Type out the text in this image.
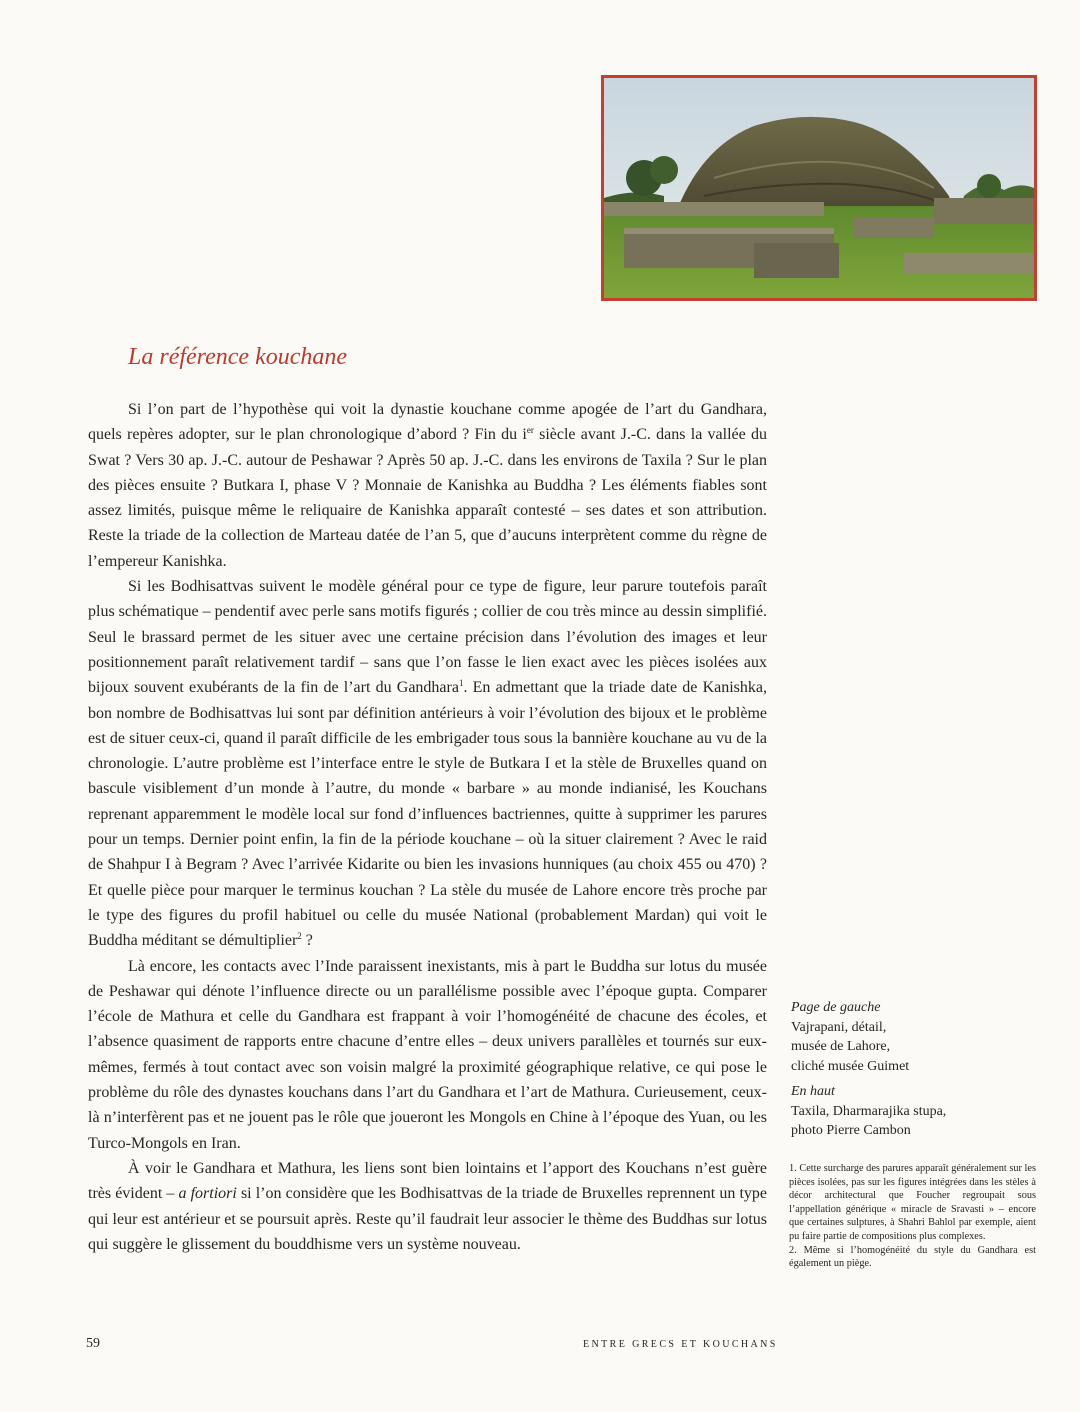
La référence kouchane

Si l’on part de l’hypothèse qui voit la dynastie kouchane comme apogée de l’art du Gandhara, quels repères adopter, sur le plan chronologique d’abord ? Fin du $i^{er}$ siècle avant J.-C. dans la vallée du Swat ? Vers 30 ap. J.-C. autour de Peshawar ? Après 50 ap. J.-C. dans les environs de Taxila ? Sur le plan des pièces ensuite ? Butkara I, phase V ? Monnaie de Kanishka au Buddha ? Les éléments fiables sont assez limités, puisque même le reliquaire de Kanishka apparaît contesté – ses dates et son attribution. Reste la triade de la collection de Marteau datée de l’an 5, que d’aucuns interprètent comme du règne de l’empereur Kanishka.

Si les Bodhisattvas suivent le modèle général pour ce type de figure, leur parure toutefois paraît plus schématique – pendentif avec perle sans motifs figurés ; collier de cou très mince au dessin simplifié. Seul le brassard permet de les situer avec une certaine précision dans l’évolution des images et leur positionnement paraît relativement tardif – sans que l’on fasse le lien exact avec les pièces isolées aux bijoux souvent exubérants de la fin de l’art du Gandhara$^1$. En admettant que la triade date de Kanishka, bon nombre de Bodhisattvas lui sont par définition antérieurs à voir l’évolution des bijoux et le problème est de situer ceux-ci, quand il paraît difficile de les embrigader tous sous la bannière kouchane au vu de la chronologie. L’autre problème est l’interface entre le style de Butkara I et la stèle de Bruxelles quand on bascule visiblement d’un monde à l’autre, du monde « barbare » au monde indianisé, les Kouchans reprenant apparemment le modèle local sur fond d’influences bactriennes, quitte à supprimer les parures pour un temps. Dernier point enfin, la fin de la période kouchane – où la situer clairement ? Avec le raid de Shahpur I à Begram ? Avec l’arrivée Kidarite ou bien les invasions hunniques (au choix 455 ou 470) ? Et quelle pièce pour marquer le terminus kouchan ? La stèle du musée de Lahore encore très proche par le type des figures du profil habituel ou celle du musée National (probablement Mardan) qui voit le Buddha méditant se démultiplier$^2$ ?

Là encore, les contacts avec l’Inde paraissent inexistants, mis à part le Buddha sur lotus du musée de Peshawar qui dénote l’influence directe ou un parallélisme possible avec l’époque gupta. Comparer l’école de Mathura et celle du Gandhara est frappant à voir l’homogénéité de chacune des écoles, et l’absence quasiment de rapports entre chacune d’entre elles – deux univers parallèles et tournés sur eux-mêmes, fermés à tout contact avec son voisin malgré la proximité géographique relative, ce qui pose le problème du rôle des dynastes kouchans dans l’art du Gandhara et l’art de Mathura. Curieusement, ceux-là n’interfèrent pas et ne jouent pas le rôle que joueront les Mongols en Chine à l’époque des Yuan, ou les Turco-Mongols en Iran.

À voir le Gandhara et Mathura, les liens sont bien lointains et l’apport des Kouchans n’est guère très évident – a fortiori si l’on considère que les Bodhisattvas de la triade de Bruxelles reprennent un type qui leur est antérieur et se poursuit après. Reste qu’il faudrait leur associer le thème des Buddhas sur lotus qui suggère le glissement du bouddhisme vers un système nouveau.

Page de gauche
Vajrapani, détail,
musée de Lahore,
cliché musée Guimet
En haut
Taxila, Dharmarajika stupa,
photo Pierre Cambon

1. Cette surcharge des parures apparaît généralement sur les pièces isolées, pas sur les figures intégrées dans les stèles à décor architectural que Foucher regroupait sous l’appellation générique « miracle de Sravasti » – encore que certaines sulptures, à Shahri Bahlol par exemple, aient pu faire partie de compositions plus complexes.

2. Même si l’homogénéité du style du Gandhara est également un piège.

59	ENTRE GRECS ET KOUCHANS
